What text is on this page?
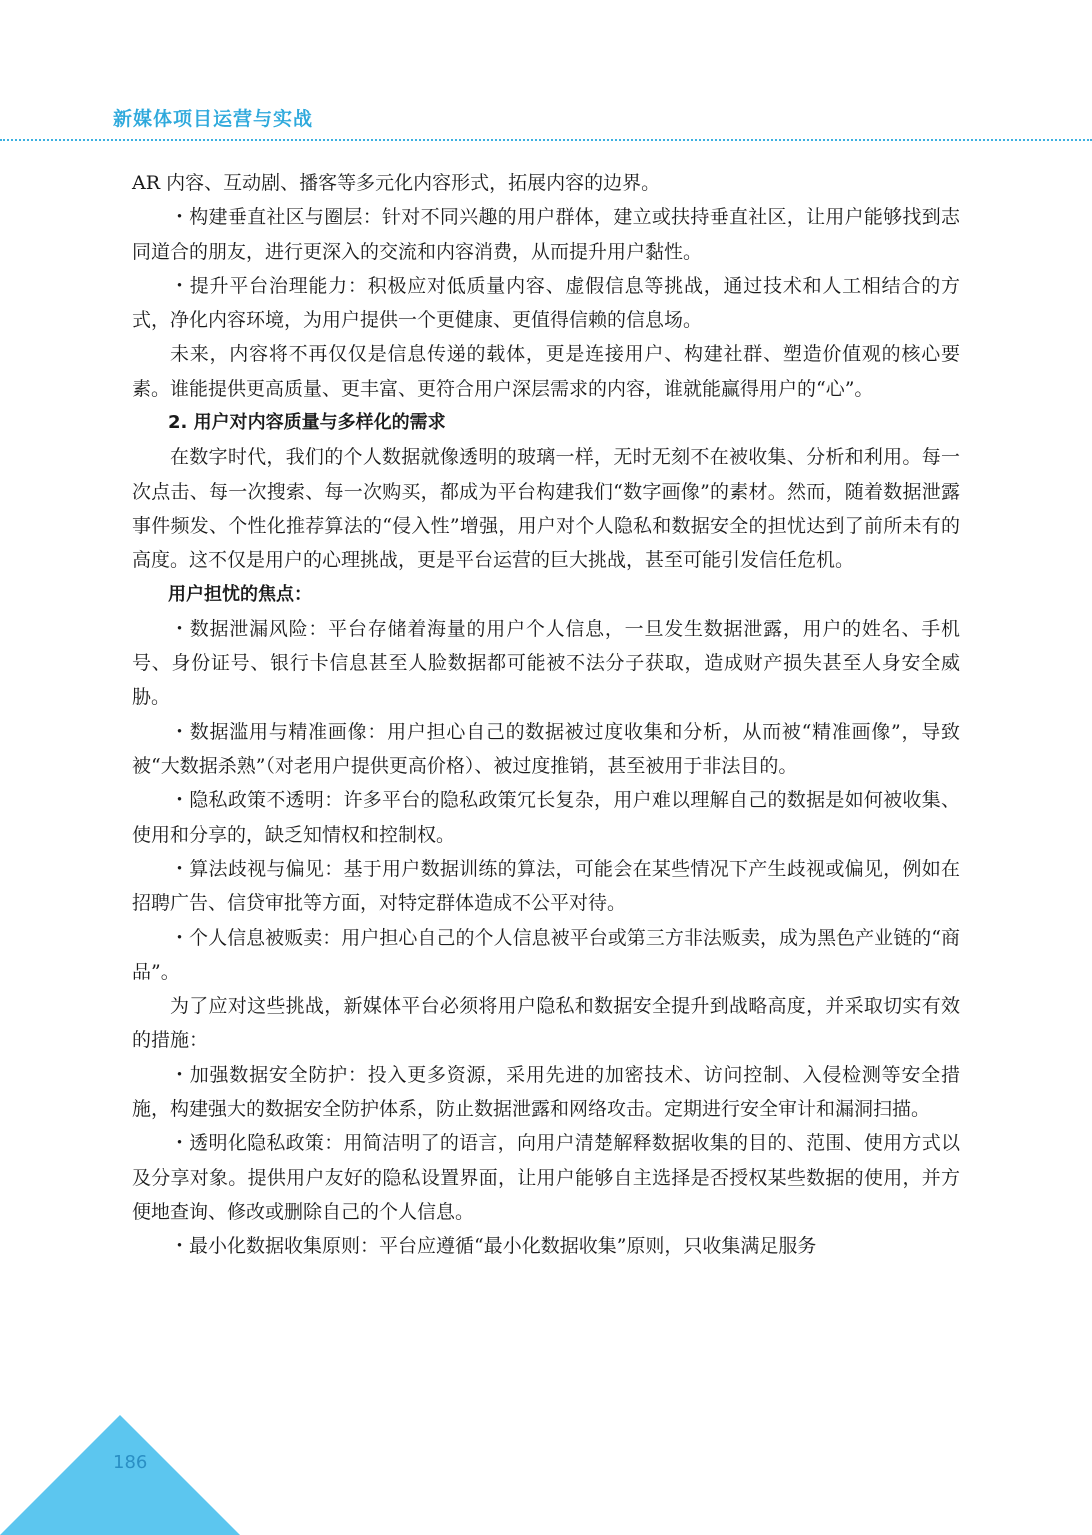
新媒体项目运营与实战

AR 内容、互动剧、播客等多元化内容形式，拓展内容的边界。

・构建垂直社区与圈层：针对不同兴趣的用户群体，建立或扶持垂直社区，让用户能够找到志同道合的朋友，进行更深入的交流和内容消费，从而提升用户黏性。

・提升平台治理能力：积极应对低质量内容、虚假信息等挑战，通过技术和人工相结合的方式，净化内容环境，为用户提供一个更健康、更值得信赖的信息场。

未来，内容将不再仅仅是信息传递的载体，更是连接用户、构建社群、塑造价值观的核心要素。谁能提供更高质量、更丰富、更符合用户深层需求的内容，谁就能赢得用户的“心”。

2. 用户对内容质量与多样化的需求

在数字时代，我们的个人数据就像透明的玻璃一样，无时无刻不在被收集、分析和利用。每一次点击、每一次搜索、每一次购买，都成为平台构建我们“数字画像”的素材。然而，随着数据泄露事件频发、个性化推荐算法的“侵入性”增强，用户对个人隐私和数据安全的担忧达到了前所未有的高度。这不仅是用户的心理挑战，更是平台运营的巨大挑战，甚至可能引发信任危机。

用户担忧的焦点：

・数据泄漏风险：平台存储着海量的用户个人信息，一旦发生数据泄露，用户的姓名、手机号、身份证号、银行卡信息甚至人脸数据都可能被不法分子获取，造成财产损失甚至人身安全威胁。

・数据滥用与精准画像：用户担心自己的数据被过度收集和分析，从而被“精准画像”，导致被“大数据杀熟”（对老用户提供更高价格）、被过度推销，甚至被用于非法目的。

・隐私政策不透明：许多平台的隐私政策冗长复杂，用户难以理解自己的数据是如何被收集、使用和分享的，缺乏知情权和控制权。

・算法歧视与偏见：基于用户数据训练的算法，可能会在某些情况下产生歧视或偏见，例如在招聘广告、信贷审批等方面，对特定群体造成不公平对待。

・个人信息被贩卖：用户担心自己的个人信息被平台或第三方非法贩卖，成为黑色产业链的“商品”。

为了应对这些挑战，新媒体平台必须将用户隐私和数据安全提升到战略高度，并采取切实有效的措施：

・加强数据安全防护：投入更多资源，采用先进的加密技术、访问控制、入侵检测等安全措施，构建强大的数据安全防护体系，防止数据泄露和网络攻击。定期进行安全审计和漏洞扫描。

・透明化隐私政策：用简洁明了的语言，向用户清楚解释数据收集的目的、范围、使用方式以及分享对象。提供用户友好的隐私设置界面，让用户能够自主选择是否授权某些数据的使用，并方便地查询、修改或删除自己的个人信息。

・最小化数据收集原则：平台应遵循“最小化数据收集”原则，只收集满足服务

186
